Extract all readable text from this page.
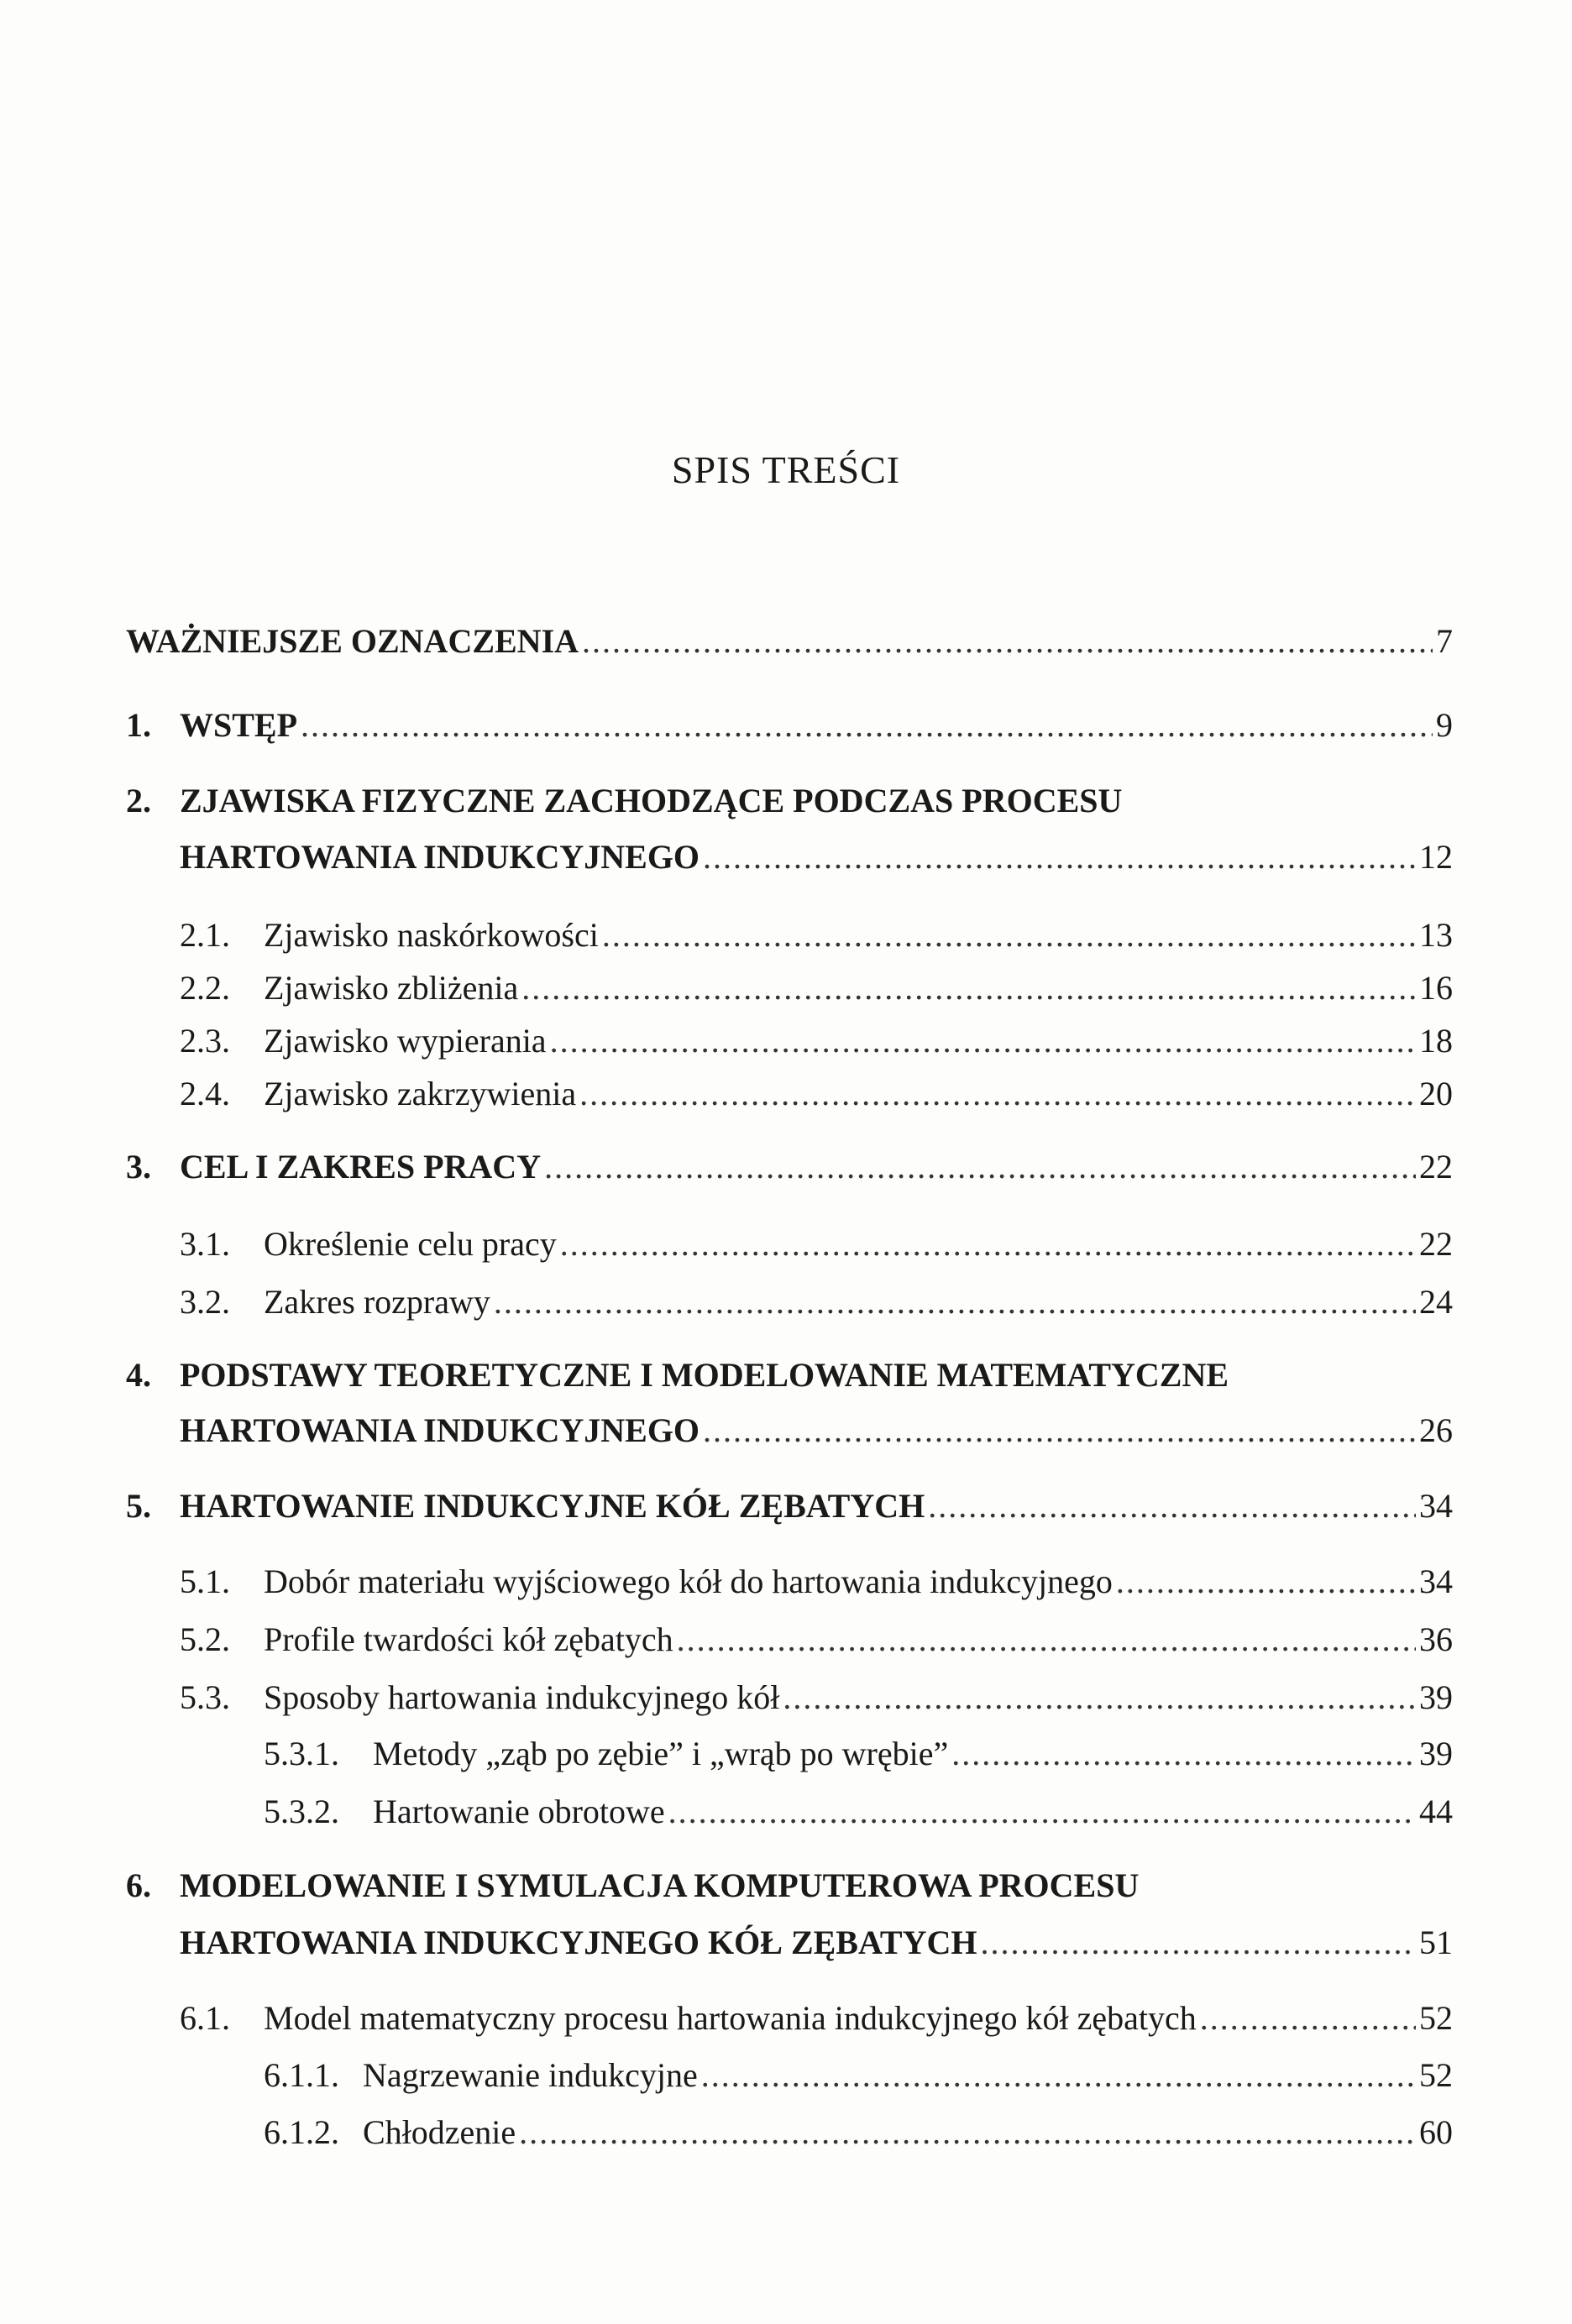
SPIS TREŚCI
WAŻNIEJSZE OZNACZENIA .....	7
1. WSTĘP .....	9
2. ZJAWISKA FIZYCZNE ZACHODZĄCE PODCZAS PROCESU
HARTOWANIA INDUKCYJNEGO .....	12
2.1.	Zjawisko naskórkowości .....	13
2.2.	Zjawisko zbliżenia .....	16
2.3.	Zjawisko wypierania .....	18
2.4.	Zjawisko zakrzywienia .....	20
3. CEL I ZAKRES PRACY .....	22
3.1.	Określenie celu pracy .....	22
3.2.	Zakres rozprawy .....	24
4. PODSTAWY TEORETYCZNE I MODELOWANIE MATEMATYCZNE
HARTOWANIA INDUKCYJNEGO .....	26
5. HARTOWANIE INDUKCYJNE KÓŁ ZĘBATYCH .....	34
5.1.	Dobór materiału wyjściowego kół do hartowania indukcyjnego .....	34
5.2.	Profile twardości kół zębatych .....	36
5.3.	Sposoby hartowania indukcyjnego kół .....	39
5.3.1.	Metody „ząb po zębie” i „wrąb po wrębie” .....	39
5.3.2.	Hartowanie obrotowe .....	44
6. MODELOWANIE I SYMULACJA KOMPUTEROWA PROCESU
HARTOWANIA INDUKCYJNEGO KÓŁ ZĘBATYCH .....	51
6.1.	Model matematyczny procesu hartowania indukcyjnego kół zębatych .....	52
6.1.1. Nagrzewanie indukcyjne .....	52
6.1.2. Chłodzenie .....	60
